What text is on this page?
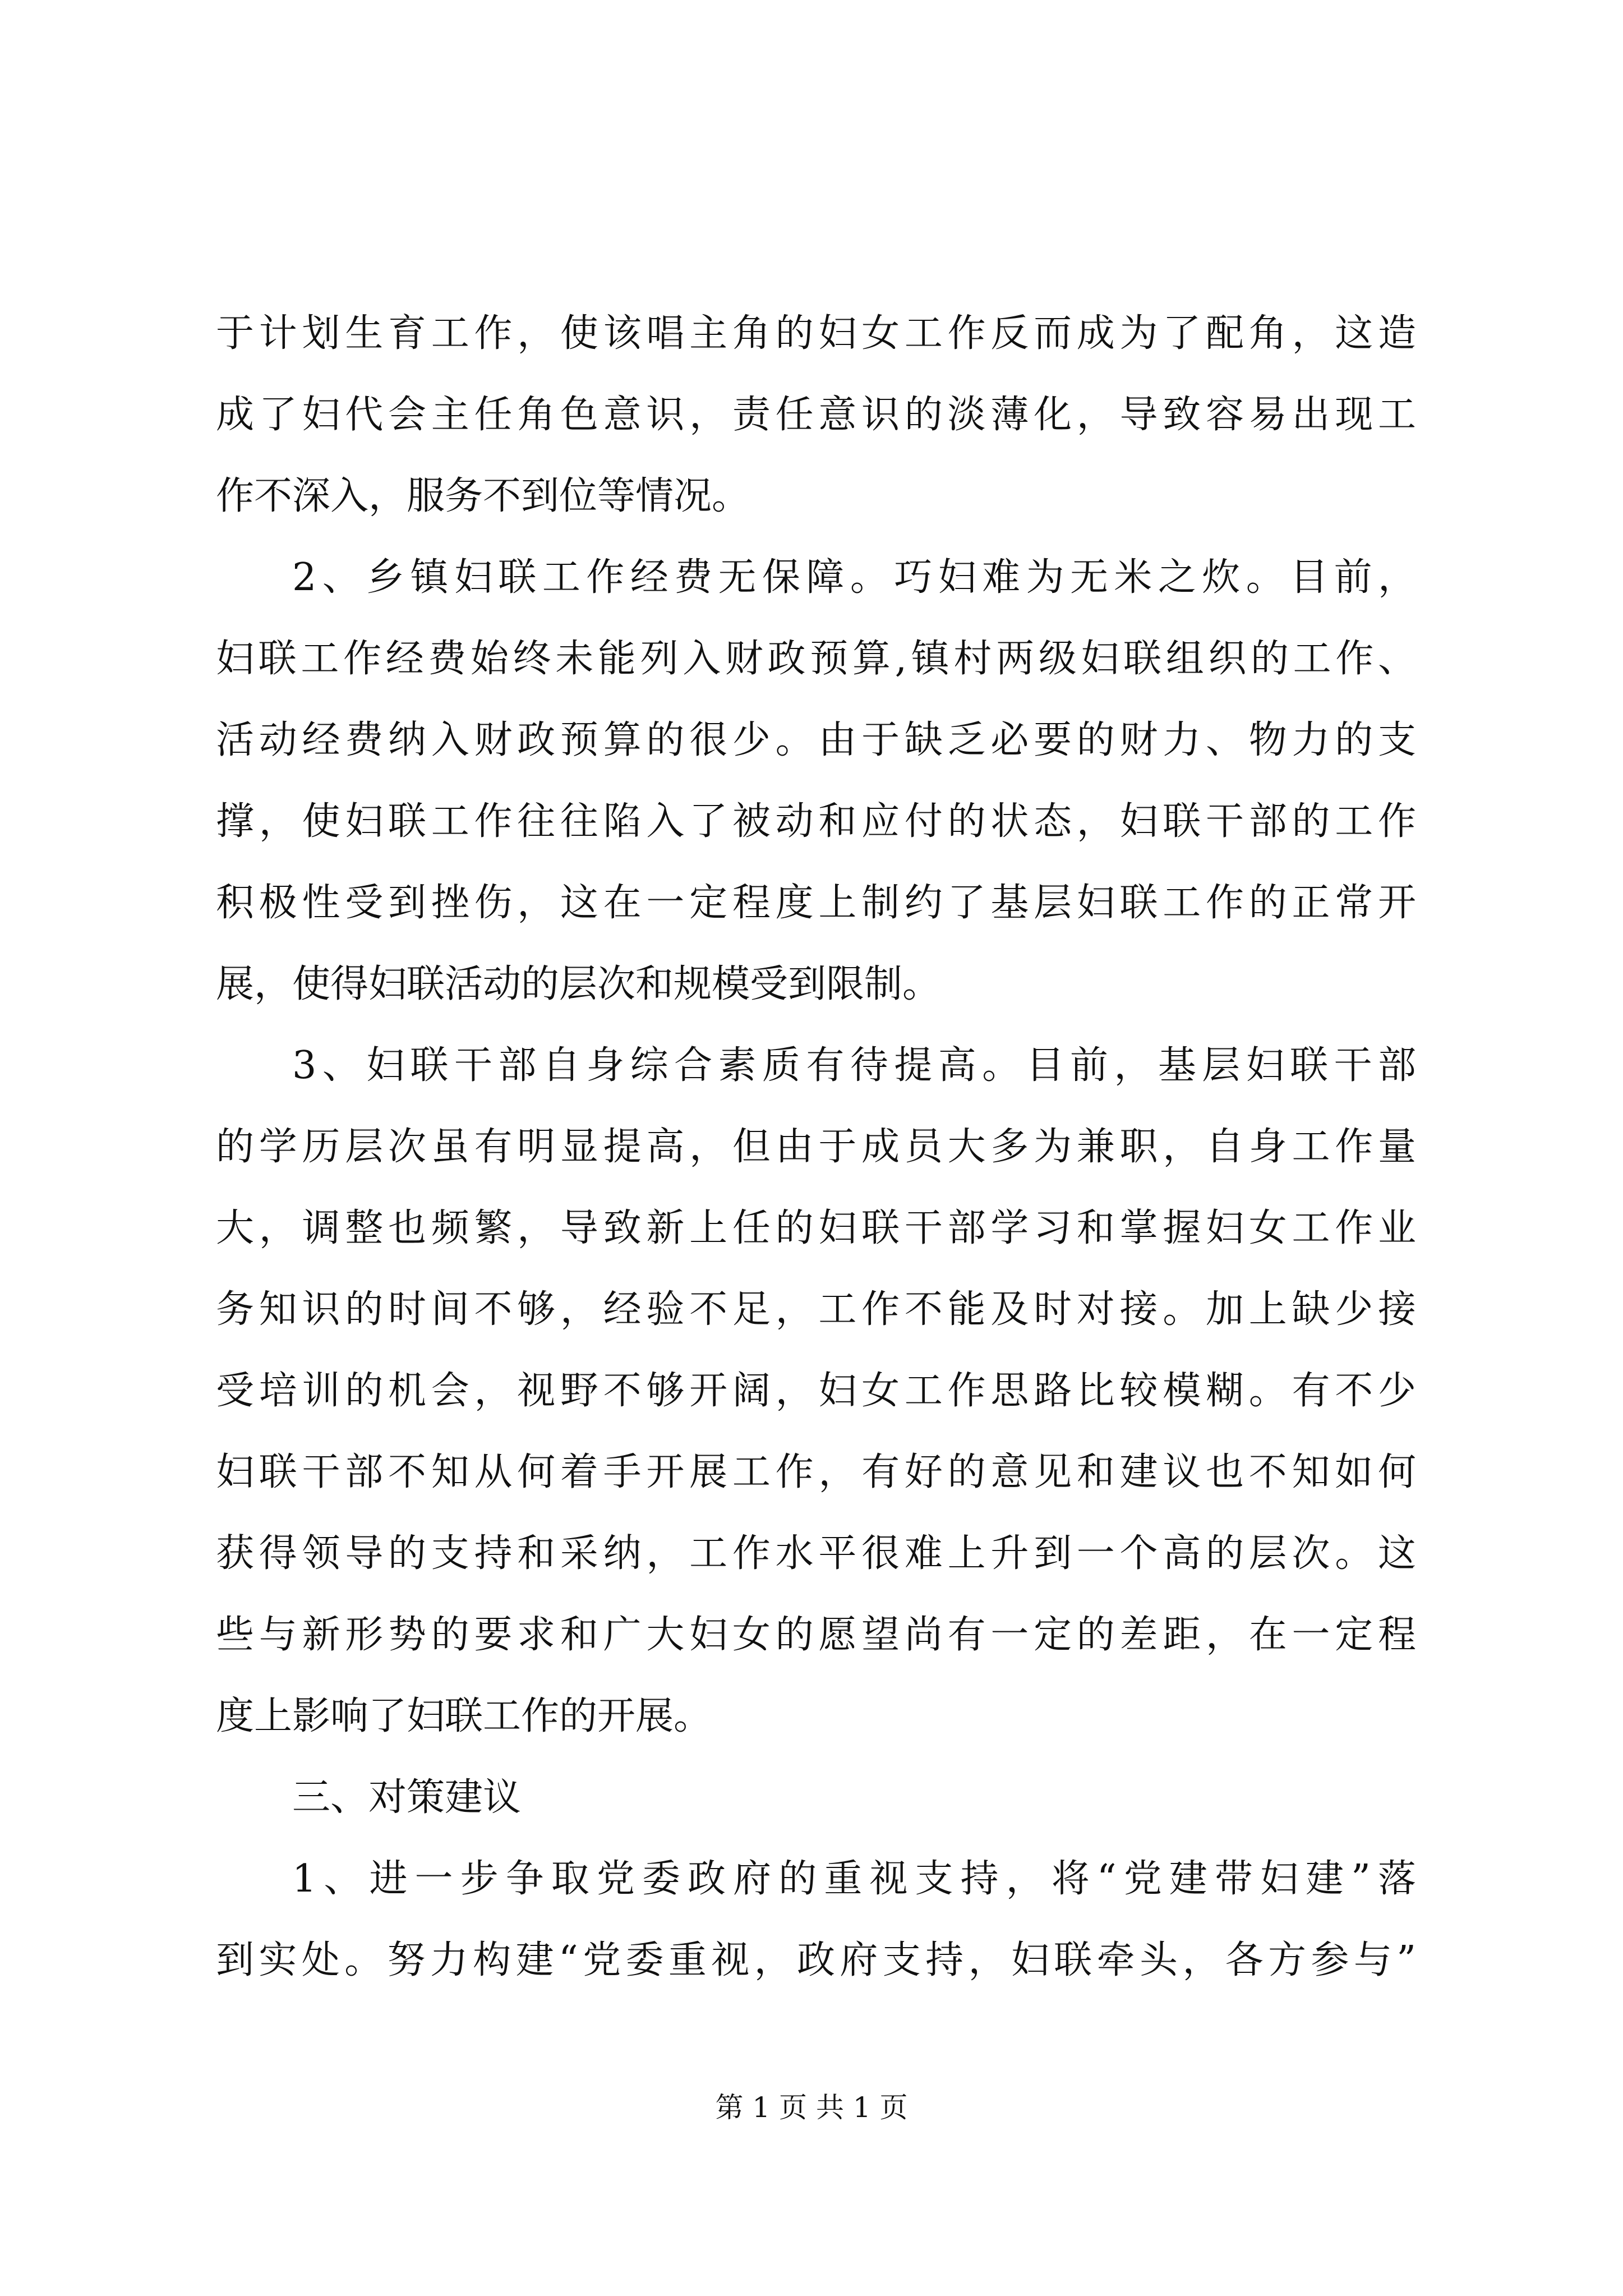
于计划生育工作，使该唱主角的妇女工作反而成为了配角，这造
成了妇代会主任角色意识，责任意识的淡薄化，导致容易出现工
作不深入，服务不到位等情况。

2、乡镇妇联工作经费无保障。巧妇难为无米之炊。目前，
妇联工作经费始终未能列入财政预算,镇村两级妇联组织的工作、
活动经费纳入财政预算的很少。由于缺乏必要的财力、物力的支
撑，使妇联工作往往陷入了被动和应付的状态，妇联干部的工作
积极性受到挫伤，这在一定程度上制约了基层妇联工作的正常开
展，使得妇联活动的层次和规模受到限制。

3、妇联干部自身综合素质有待提高。目前，基层妇联干部
的学历层次虽有明显提高，但由于成员大多为兼职，自身工作量
大，调整也频繁，导致新上任的妇联干部学习和掌握妇女工作业
务知识的时间不够，经验不足，工作不能及时对接。加上缺少接
受培训的机会，视野不够开阔，妇女工作思路比较模糊。有不少
妇联干部不知从何着手开展工作，有好的意见和建议也不知如何
获得领导的支持和采纳，工作水平很难上升到一个高的层次。这
些与新形势的要求和广大妇女的愿望尚有一定的差距，在一定程
度上影响了妇联工作的开展。

三、对策建议

1、进一步争取党委政府的重视支持，将“党建带妇建”落
到实处。努力构建“党委重视，政府支持，妇联牵头，各方参与”

第 1 页 共 1 页
